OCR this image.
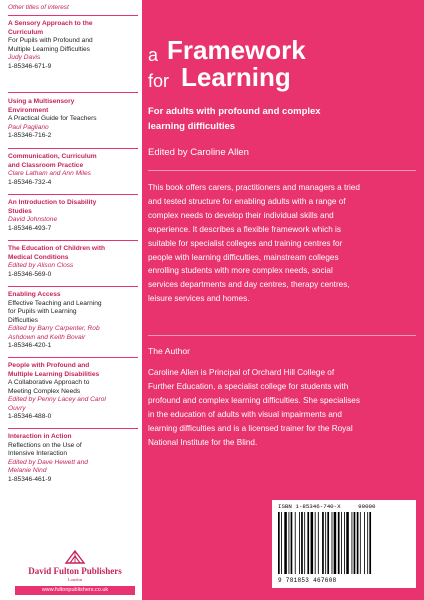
Other titles of interest
A Sensory Approach to the
Curriculum
For Pupils with Profound and
Multiple Learning Difficulties
Judy Davis
1-85346-671-9
Using a Multisensory
Environment
A Practical Guide for Teachers
Paul Pagliano
1-85346-716-2
Communication, Curriculum
and Classroom Practice
Clare Latham and Ann Miles
1-85346-732-4
An Introduction to Disability
Studies
David Johnstone
1-85346-493-7
The Education of Children with
Medical Conditions
Edited by Alison Closs
1-85346-569-0
Enabling Access
Effective Teaching and Learning
for Pupils with Learning
Difficulties
Edited by Barry Carpenter, Rob
Ashdown and Keith Bovair
1-85346-420-1
People with Profound and
Multiple Learning Disabilities
A Collaborative Approach to
Meeting Complex Needs
Edited by Penny Lacey and Carol
Ouvry
1-85346-488-0
Interaction in Action
Reflections on the Use of
Intensive Interaction
Edited by Dave Hewett and
Melanie Nind
1-85346-461-9
David Fulton Publishers
London
www.fultonpublishers.co.uk
a Framework
for Learning
For adults with profound and complex
learning difficulties
Edited by Caroline Allen
This book offers carers, practitioners and managers a tried
and tested structure for enabling adults with a range of
complex needs to develop their individual skills and
experience. It describes a flexible framework which is
suitable for specialist colleges and training centres for
people with learning difficulties, mainstream colleges
enrolling students with more complex needs, social
services departments and day centres, therapy centres,
leisure services and homes.
The Author
Caroline Allen is Principal of Orchard Hill College of
Further Education, a specialist college for students with
profound and complex learning difficulties. She specialises
in the education of adults with visual impairments and
learning difficulties and is a licensed trainer for the Royal
National Institute for the Blind.
ISBN 1-85346-740-X	90000
9 781853 467608
